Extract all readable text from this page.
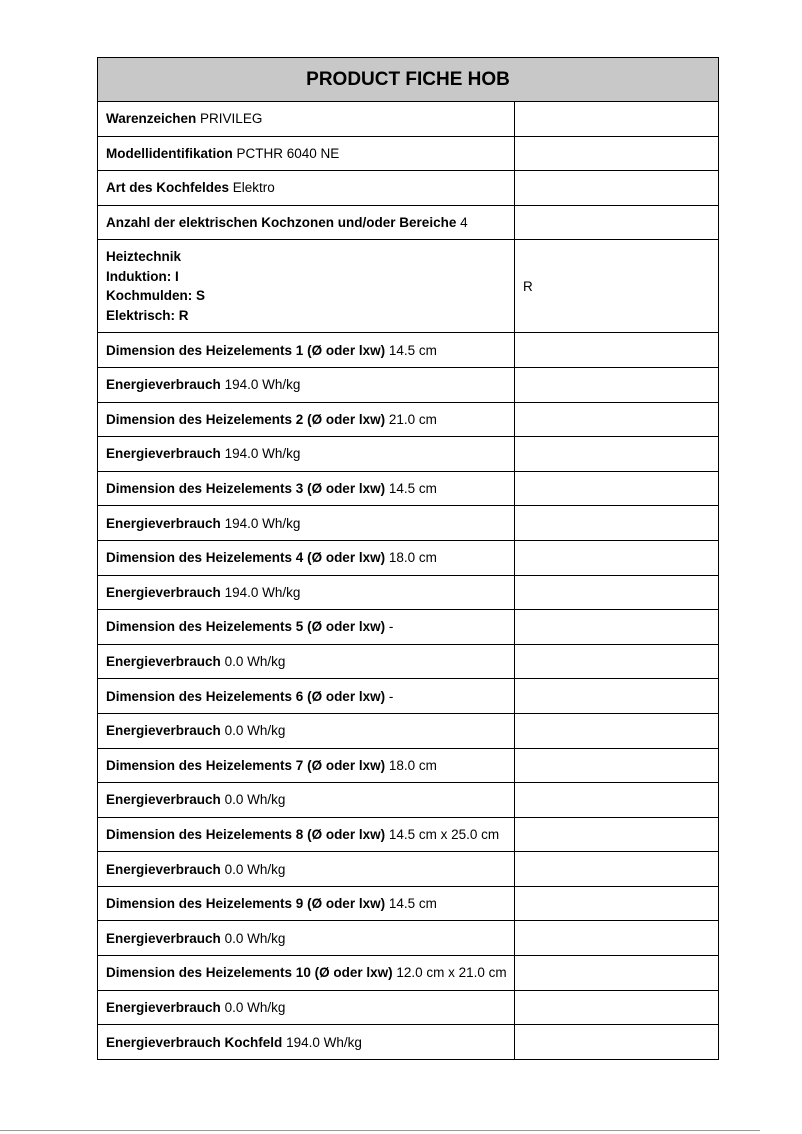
PRODUCT FICHE HOB	
Warenzeichen PRIVILEG	
Modellidentifikation PCTHR 6040 NE	
Art des Kochfeldes Elektro	
Anzahl der elektrischen Kochzonen und/oder Bereiche 4	

Heiztechnik
Induktion: I
Kochmulden: S
Elektrisch: R	R
Dimension des Heizelements 1 (Ø oder lxw) 14.5 cm	
Energieverbrauch 194.0 Wh/kg	
Dimension des Heizelements 2 (Ø oder lxw) 21.0 cm	
Energieverbrauch 194.0 Wh/kg	
Dimension des Heizelements 3 (Ø oder lxw) 14.5 cm	
Energieverbrauch 194.0 Wh/kg	
Dimension des Heizelements 4 (Ø oder lxw) 18.0 cm	
Energieverbrauch 194.0 Wh/kg	
Dimension des Heizelements 5 (Ø oder lxw) -	
Energieverbrauch 0.0 Wh/kg	
Dimension des Heizelements 6 (Ø oder lxw) -	
Energieverbrauch 0.0 Wh/kg	
Dimension des Heizelements 7 (Ø oder lxw) 18.0 cm	
Energieverbrauch 0.0 Wh/kg	
Dimension des Heizelements 8 (Ø oder lxw) 14.5 cm x 25.0 cm	
Energieverbrauch 0.0 Wh/kg	
Dimension des Heizelements 9 (Ø oder lxw) 14.5 cm	
Energieverbrauch 0.0 Wh/kg	
Dimension des Heizelements 10 (Ø oder lxw) 12.0 cm x 21.0 cm	
Energieverbrauch 0.0 Wh/kg	
Energieverbrauch Kochfeld 194.0 Wh/kg	
